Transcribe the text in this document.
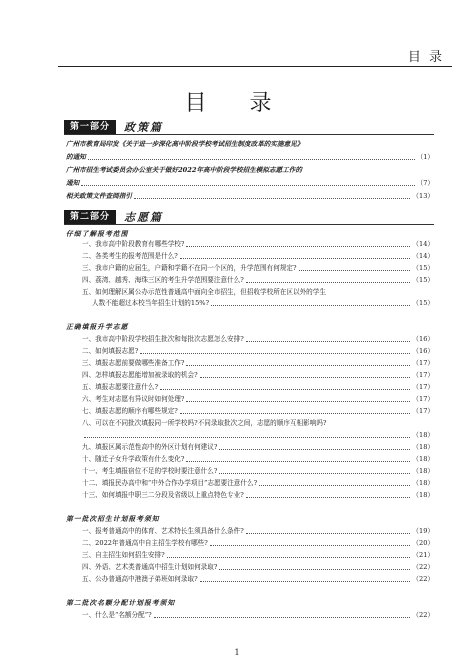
目 录
目 录
第一部分	政策篇
广州市教育局印发《关于进一步深化高中阶段学校考试招生制度改革的实施意见》
的通知	（1）
广州市招生考试委员会办公室关于做好2022年高中阶段学校招生模拟志愿工作的
通知	（7）
相关政策文件查阅指引	（13）
第二部分	志愿篇
仔细了解报考范围
一、我市高中阶段教育有哪些学校?	（14）
二、各类考生的报考范围是什么?	（14）
三、我市户籍的应届生，户籍和学籍不在同一个区的，升学范围有何规定?	（15）
四、荔湾、越秀、海珠三区的考生升学范围要注意什么?	（15）
五、如何理解区属公办示范性普通高中面向全市招生，但招收学校所在区以外的学生
人数不能超过本校当年招生计划的15%?	（15）
正确填报升学志愿
一、我市高中阶段学校招生批次和每批次志愿怎么安排?	（16）
二、如何填报志愿?	（16）
三、填报志愿前要做哪些准备工作?	（17）
四、怎样填报志愿能增加被录取的机会?	（17）
五、填报志愿要注意什么?	（17）
六、考生对志愿有异议时如何处理?	（17）
七、填报志愿的顺序有哪些规定?	（17）
八、可以在不同批次填报同一所学校吗?不同录取批次之间，志愿的顺序互相影响吗?
（18）
九、填报区属示范性高中的外区计划有何建议?	（18）
十、随迁子女升学政策有什么变化?	（18）
十一、考生填报宿位不足的学校时要注意什么?	（18）
十二、填报民办高中和“中外合作办学项目”志愿要注意什么?	（18）
十三、如何填报中职三二分段及省级以上重点特色专业?	（18）
第一批次招生计划报考须知
一、报考普通高中的体育、艺术特长生须具备什么条件?	（19）
二、2022年普通高中自主招生学校有哪些?	（20）
三、自主招生如何招生安排?	（21）
四、外语、艺术类普通高中招生计划如何录取?	（22）
五、公办普通高中港澳子弟班如何录取?	（22）
第二批次名额分配计划报考须知
一、什么是“名额分配”?	（22）
1
